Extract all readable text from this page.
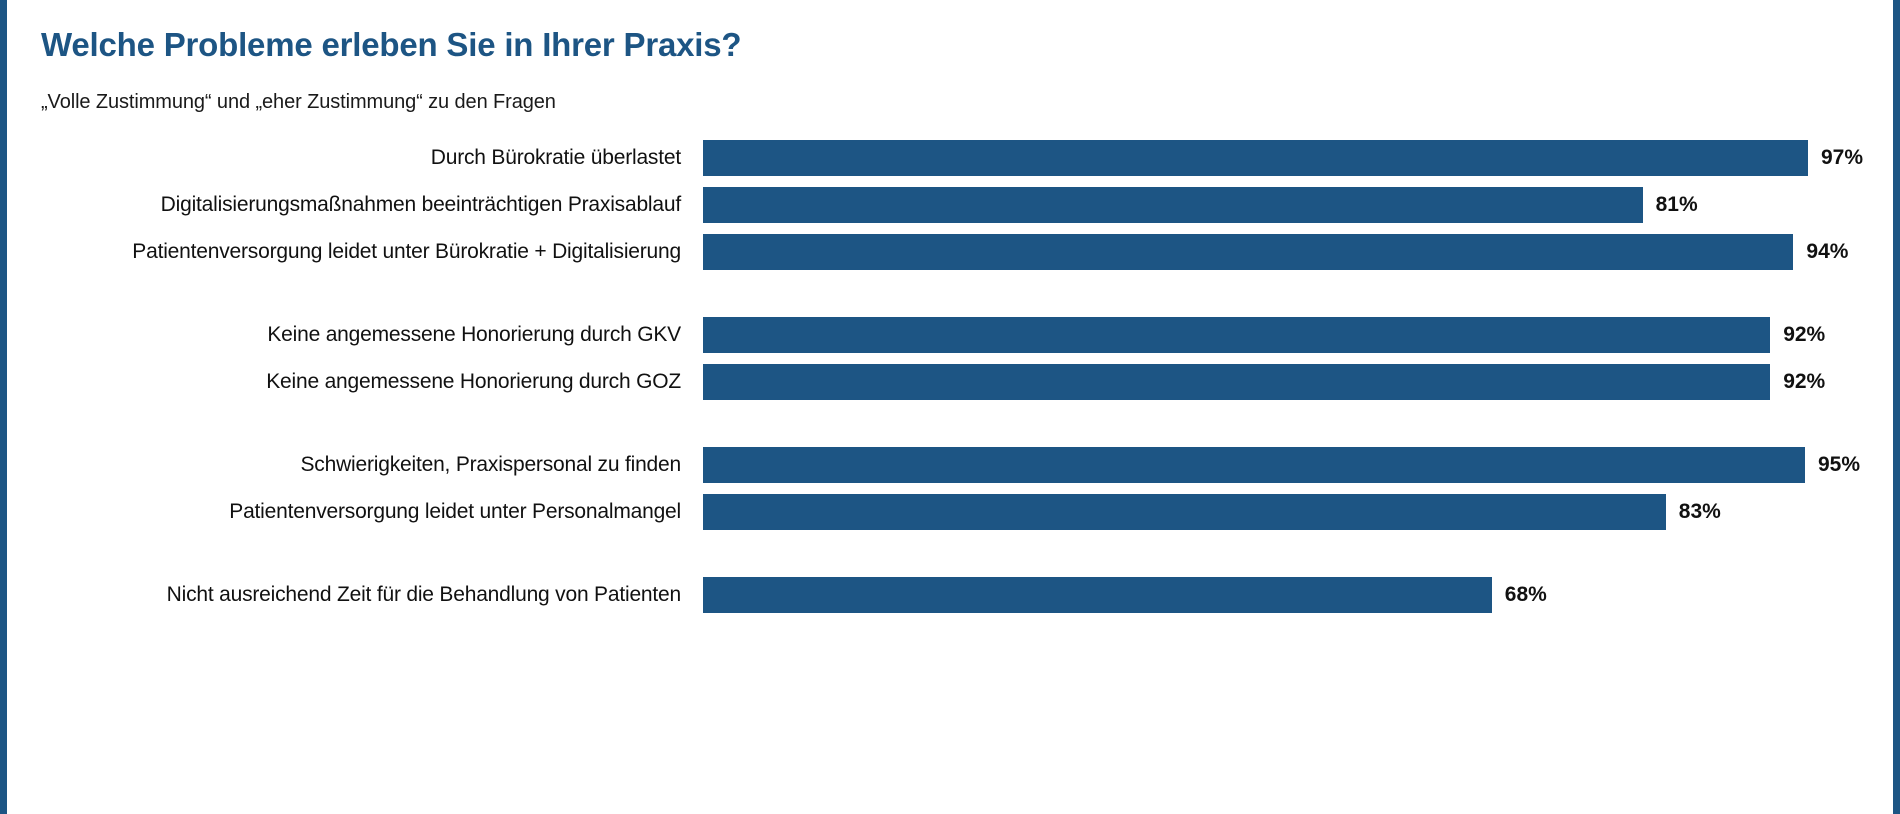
Welche Probleme erleben Sie in Ihrer Praxis?
„Volle Zustimmung“ und „eher Zustimmung“ zu den Fragen
Durch Bürokratie überlastet	97%
Digitalisierungsmaßnahmen beeinträchtigen Praxisablauf	81%
Patientenversorgung leidet unter Bürokratie + Digitalisierung	94%
Keine angemessene Honorierung durch GKV	92%
Keine angemessene Honorierung durch GOZ	92%
Schwierigkeiten, Praxispersonal zu finden	95%
Patientenversorgung leidet unter Personalmangel	83%
Nicht ausreichend Zeit für die Behandlung von Patienten	68%
